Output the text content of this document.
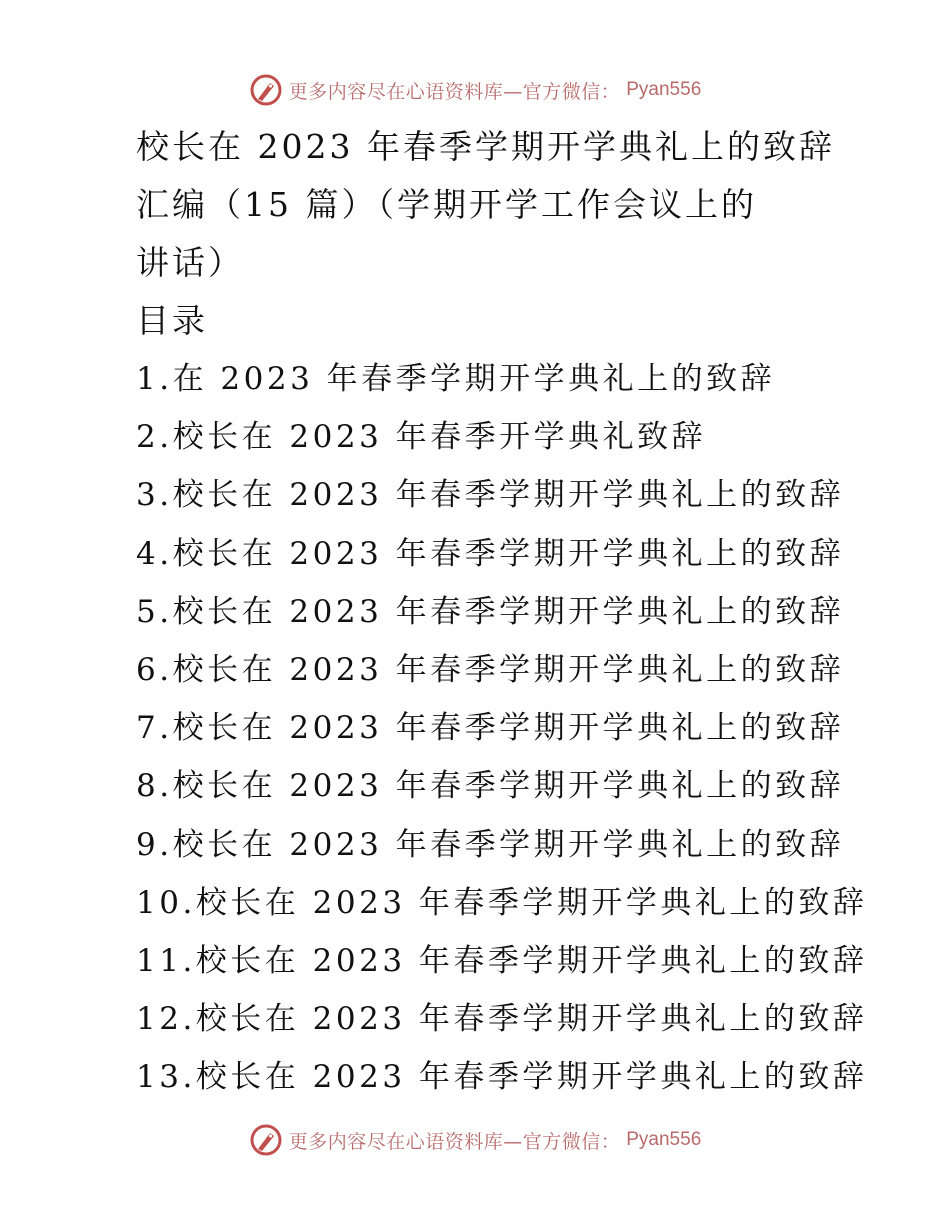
更多内容尽在心语资料库—官方微信： Pyan556
校长在 2023 年春季学期开学典礼上的致辞
汇编（15 篇）（学期开学工作会议上的
讲话）
目录
1.在 2023 年春季学期开学典礼上的致辞
2.校长在 2023 年春季开学典礼致辞
3.校长在 2023 年春季学期开学典礼上的致辞
4.校长在 2023 年春季学期开学典礼上的致辞
5.校长在 2023 年春季学期开学典礼上的致辞
6.校长在 2023 年春季学期开学典礼上的致辞
7.校长在 2023 年春季学期开学典礼上的致辞
8.校长在 2023 年春季学期开学典礼上的致辞
9.校长在 2023 年春季学期开学典礼上的致辞
10.校长在 2023 年春季学期开学典礼上的致辞
11.校长在 2023 年春季学期开学典礼上的致辞
12.校长在 2023 年春季学期开学典礼上的致辞
13.校长在 2023 年春季学期开学典礼上的致辞
更多内容尽在心语资料库—官方微信： Pyan556
